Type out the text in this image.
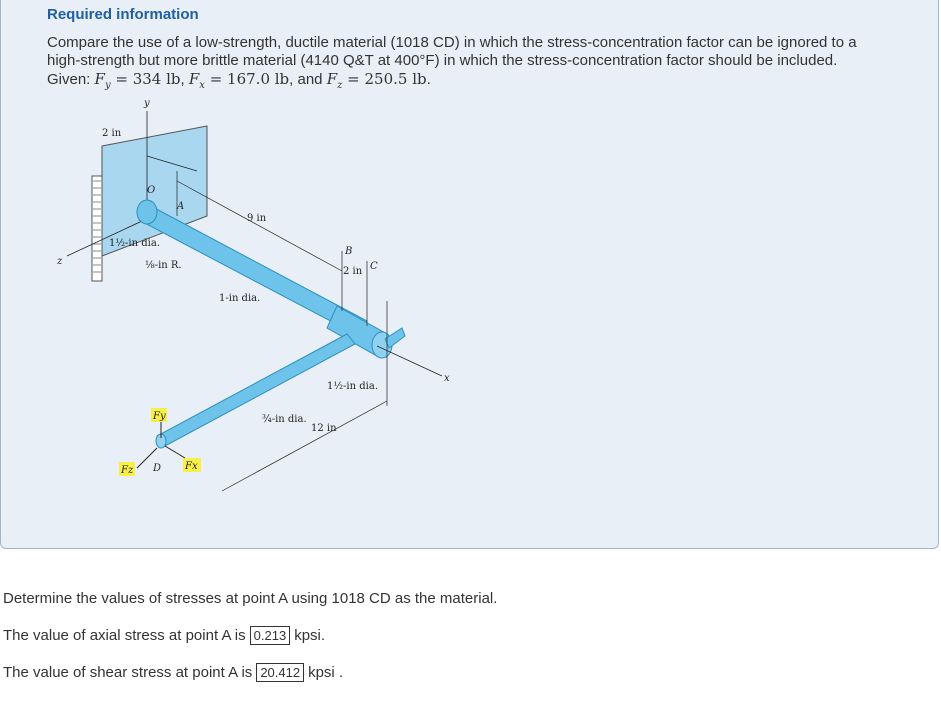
Required information
Compare the use of a low-strength, ductile material (1018 CD) in which the stress-concentration factor can be ignored to a
high-strength but more brittle material (4140 Q&T at 400°F) in which the stress-concentration factor should be included.
Given: $F_y = 334$ lb, $F_x = 167.0$ lb, and $F_z = 250.5$ lb.
y
z
x
2 in
O
A
9 in
1½-in dia.
⅛-in R.
1-in dia.
B
C
2 in
1½-in dia.
¾-in dia.
12 in
Fy
Fz D Fx
Determine the values of stresses at point A using 1018 CD as the material.
The value of axial stress at point A is 0.213 kpsi.
The value of shear stress at point A is 20.412 kpsi .
